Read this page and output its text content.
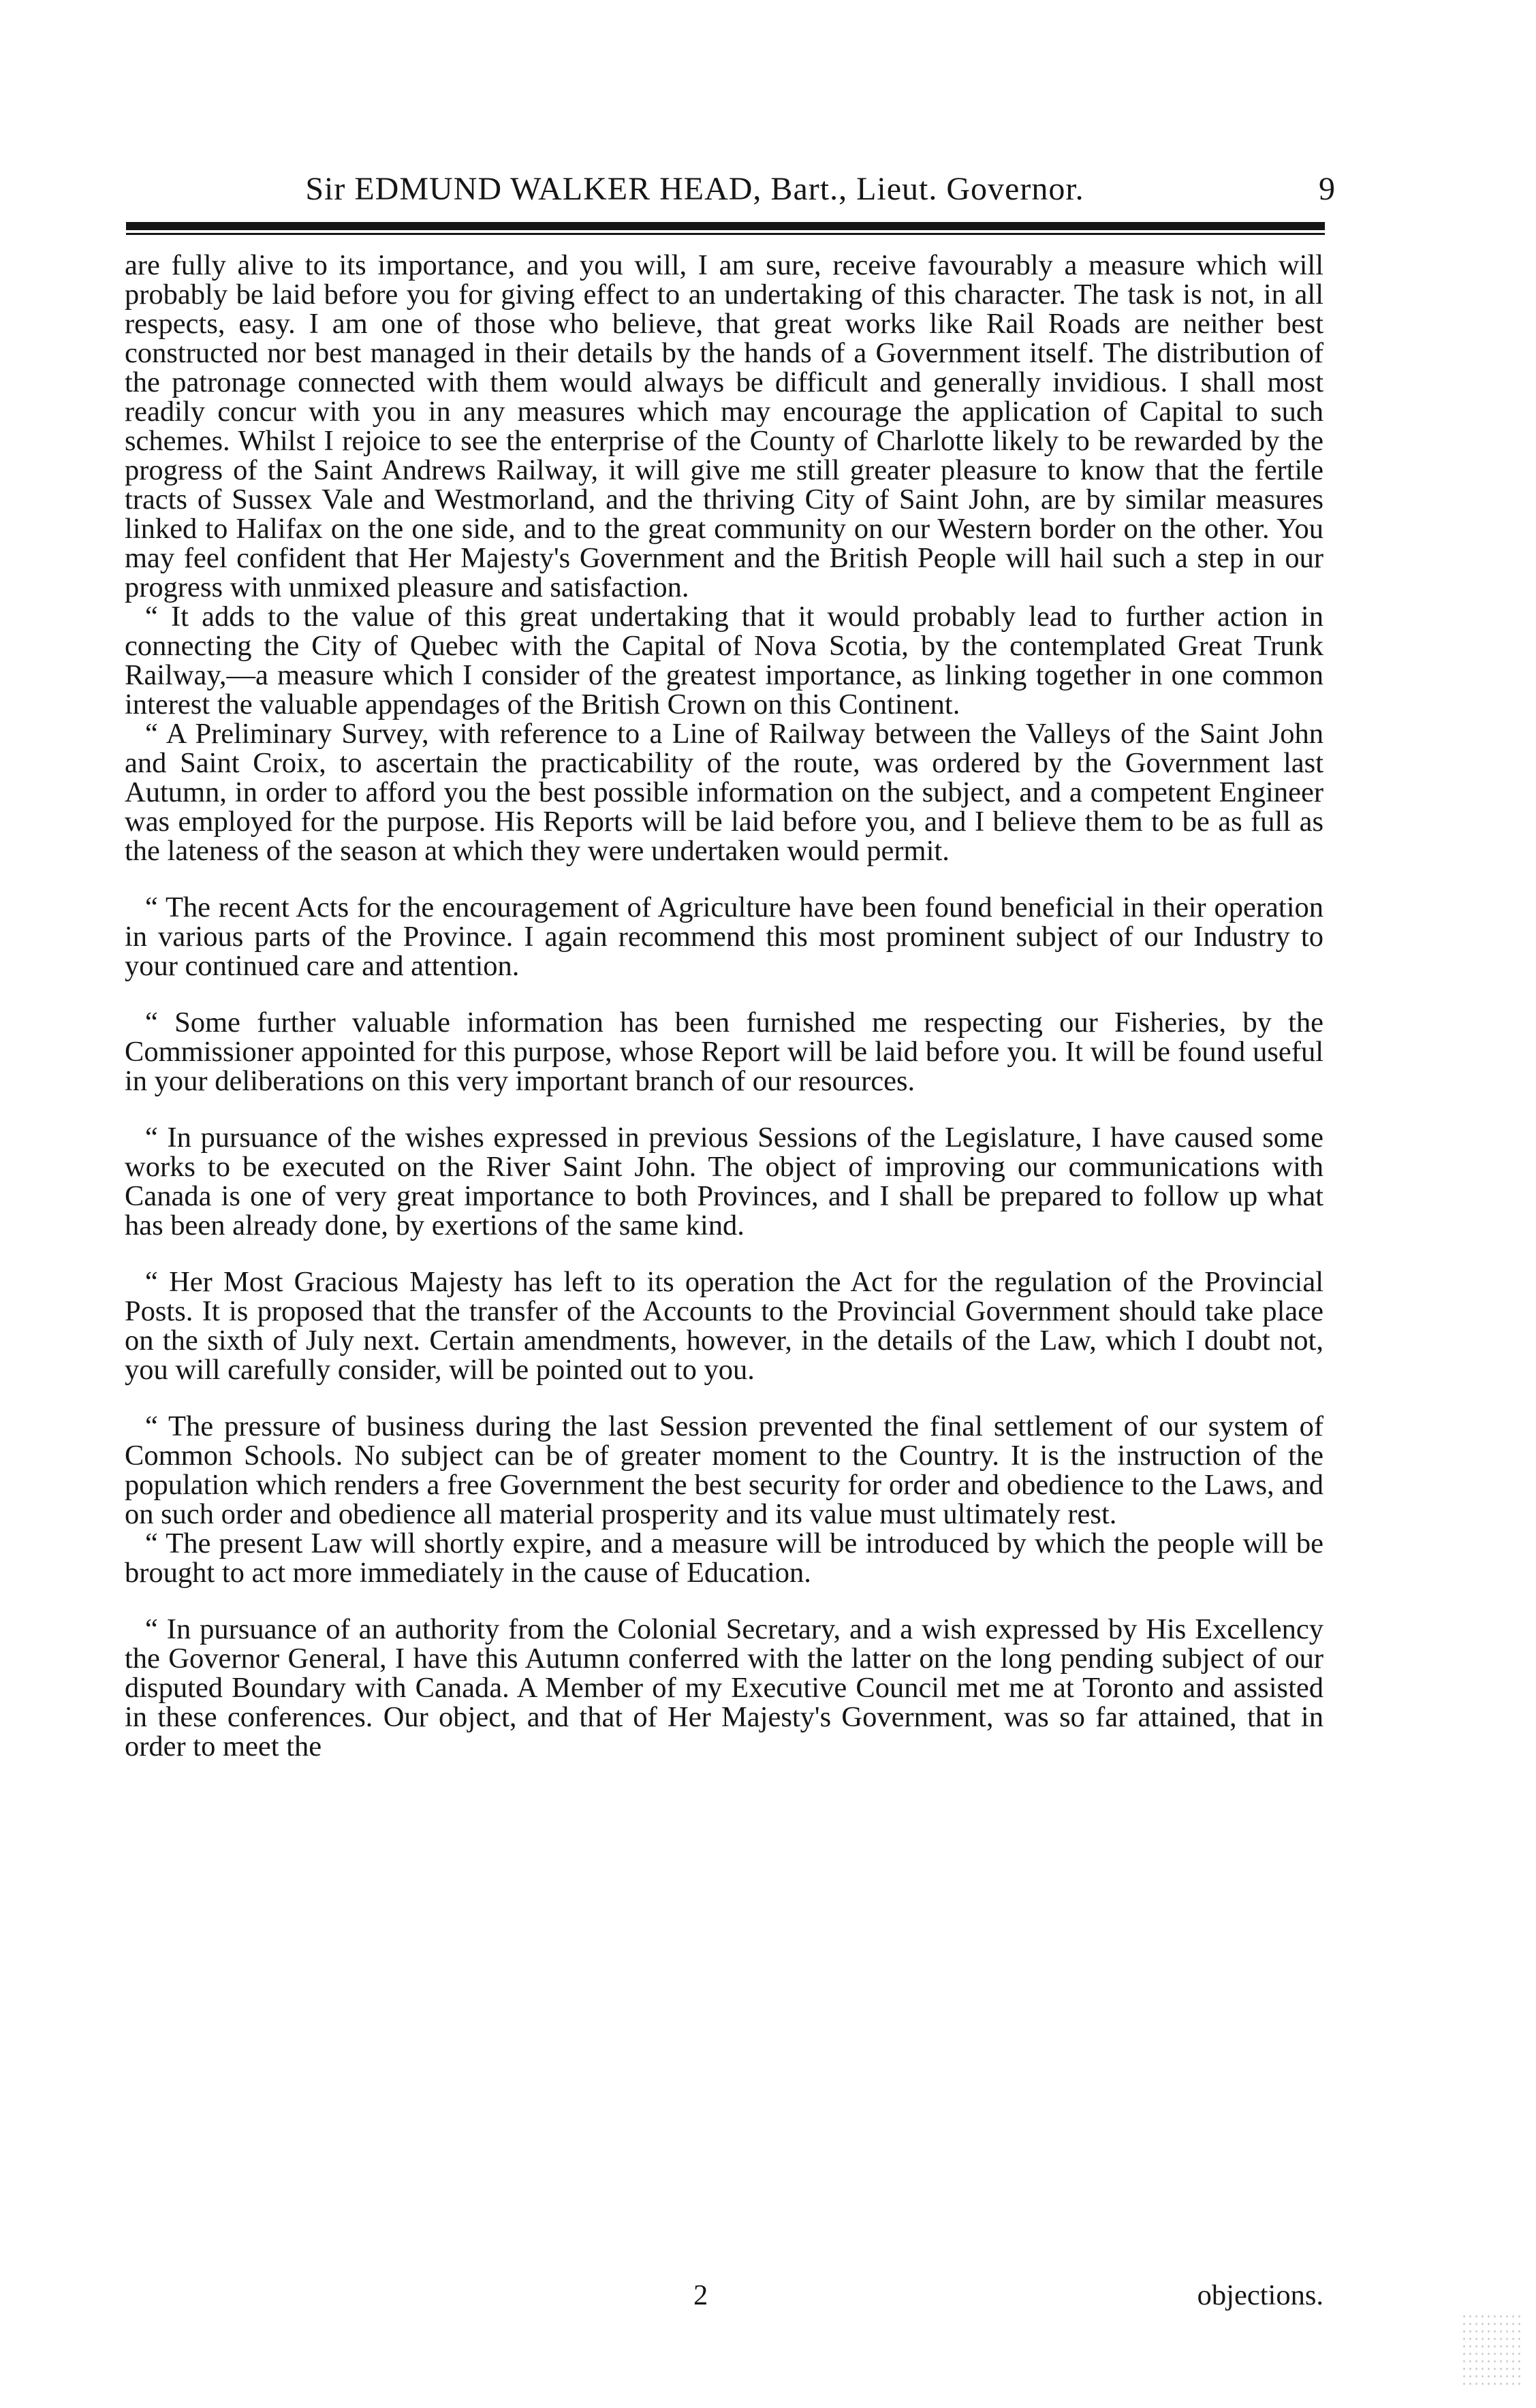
Sir EDMUND WALKER HEAD, Bart., Lieut. Governor.	9

are fully alive to its importance, and you will, I am sure, receive favourably a measure which will probably be laid before you for giving effect to an undertaking of this character. The task is not, in all respects, easy. I am one of those who believe, that great works like Rail Roads are neither best constructed nor best managed in their details by the hands of a Government itself. The distribution of the patronage connected with them would always be difficult and generally invidious. I shall most readily concur with you in any measures which may encourage the application of Capital to such schemes. Whilst I rejoice to see the enterprise of the County of Charlotte likely to be rewarded by the progress of the Saint Andrews Railway, it will give me still greater pleasure to know that the fertile tracts of Sussex Vale and Westmorland, and the thriving City of Saint John, are by similar measures linked to Halifax on the one side, and to the great community on our Western border on the other. You may feel confident that Her Majesty's Government and the British People will hail such a step in our progress with unmixed pleasure and satisfaction.

“ It adds to the value of this great undertaking that it would probably lead to further action in connecting the City of Quebec with the Capital of Nova Scotia, by the contemplated Great Trunk Railway,—a measure which I consider of the greatest importance, as linking together in one common interest the valuable appendages of the British Crown on this Continent.

“ A Preliminary Survey, with reference to a Line of Railway between the Valleys of the Saint John and Saint Croix, to ascertain the practicability of the route, was ordered by the Government last Autumn, in order to afford you the best possible information on the subject, and a competent Engineer was employed for the purpose. His Reports will be laid before you, and I believe them to be as full as the lateness of the season at which they were undertaken would permit.

“ The recent Acts for the encouragement of Agriculture have been found beneficial in their operation in various parts of the Province. I again recommend this most prominent subject of our Industry to your continued care and attention.

“ Some further valuable information has been furnished me respecting our Fisheries, by the Commissioner appointed for this purpose, whose Report will be laid before you. It will be found useful in your deliberations on this very important branch of our resources.

“ In pursuance of the wishes expressed in previous Sessions of the Legislature, I have caused some works to be executed on the River Saint John. The object of improving our communications with Canada is one of very great importance to both Provinces, and I shall be prepared to follow up what has been already done, by exertions of the same kind.

“ Her Most Gracious Majesty has left to its operation the Act for the regulation of the Provincial Posts. It is proposed that the transfer of the Accounts to the Provincial Government should take place on the sixth of July next. Certain amendments, however, in the details of the Law, which I doubt not, you will carefully consider, will be pointed out to you.

“ The pressure of business during the last Session prevented the final settlement of our system of Common Schools. No subject can be of greater moment to the Country. It is the instruction of the population which renders a free Government the best security for order and obedience to the Laws, and on such order and obedience all material prosperity and its value must ultimately rest.

“ The present Law will shortly expire, and a measure will be introduced by which the people will be brought to act more immediately in the cause of Education.

“ In pursuance of an authority from the Colonial Secretary, and a wish expressed by His Excellency the Governor General, I have this Autumn conferred with the latter on the long pending subject of our disputed Boundary with Canada. A Member of my Executive Council met me at Toronto and assisted in these conferences. Our object, and that of Her Majesty's Government, was so far attained, that in order to meet the

2	objections.
